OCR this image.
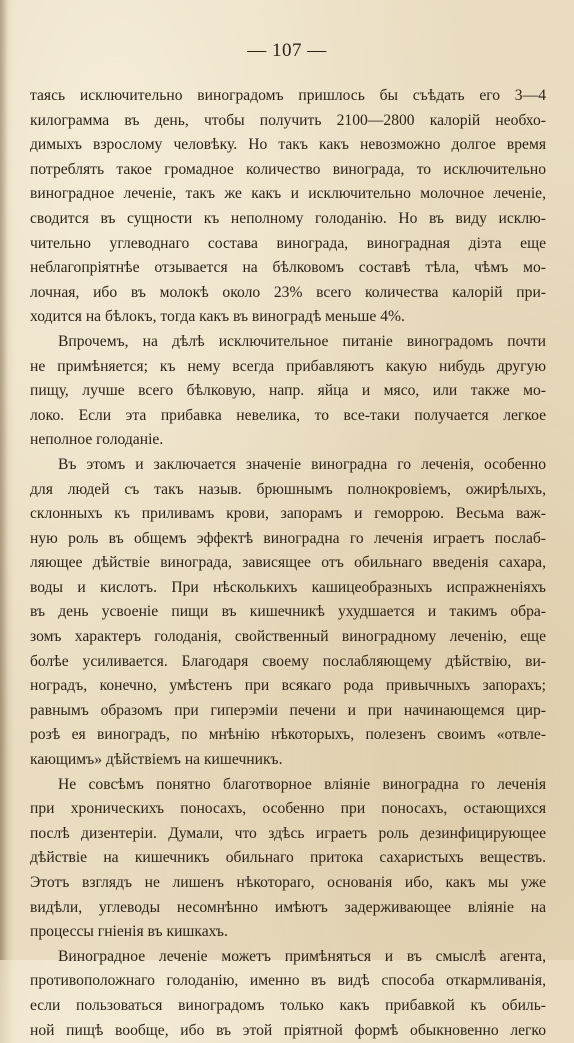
— 107 —

таясь исключительно виноградомъ пришлось бы съѣдать его 3—4
килограмма въ день, чтобы получить 2100—2800 калорій необхо-
димыхъ взрослому человѣку. Но такъ какъ невозможно долгое время
потреблять такое громадное количество винограда, то исключительно
виноградное леченіе, такъ же какъ и исключительно молочное леченіе,
сводится въ сущности къ неполному голоданію. Но въ виду исклю-
чительно углеводнаго состава винограда, виноградная діэта еще
неблагопріятнѣе отзывается на бѣлковомъ составѣ тѣла, чѣмъ мо-
лочная, ибо въ молокѣ около 23% всего количества калорій при-
ходится на бѣлокъ, тогда какъ въ виноградѣ меньше 4%.

Впрочемъ, на дѣлѣ исключительное питаніе виноградомъ почти
не примѣняется; къ нему всегда прибавляютъ какую нибудь другую
пищу, лучше всего бѣлковую, напр. яйца и мясо, или также мо-
локо. Если эта прибавка невелика, то все-таки получается легкое
неполное голоданіе.

Въ этомъ и заключается значеніе виноградна го леченія, особенно
для людей съ такъ назыв. брюшнымъ полнокровіемъ, ожирѣлыхъ,
склонныхъ къ приливамъ крови, запорамъ и геморрою. Весьма важ-
ную роль въ общемъ эффектѣ виноградна го леченія играетъ послаб-
ляющее дѣйствіе винограда, зависящее отъ обильнаго введенія сахара,
воды и кислотъ. При нѣсколькихъ кашицеобразныхъ испражненіяхъ
въ день усвоеніе пищи въ кишечникѣ ухудшается и такимъ обра-
зомъ характеръ голоданія, свойственный виноградному леченію, еще
болѣе усиливается. Благодаря своему послабляющему дѣйствію, ви-
ноградъ, конечно, умѣстенъ при всякаго рода привычныхъ запорахъ;
равнымъ образомъ при гиперэміи печени и при начинающемся цир-
розѣ ея виноградъ, по мнѣнію нѣкоторыхъ, полезенъ своимъ «отвле-
кающимъ» дѣйствіемъ на кишечникъ.

Не совсѣмъ понятно благотворное вліяніе виноградна го леченія
при хроническихъ поносахъ, особенно при поносахъ, остающихся
послѣ дизентеріи. Думали, что здѣсь играетъ роль дезинфицирующее
дѣйствіе на кишечникъ обильнаго притока сахаристыхъ веществъ.
Этотъ взглядъ не лишенъ нѣкотораго, основанія ибо, какъ мы уже
видѣли, углеводы несомнѣнно имѣютъ задерживающее вліяніе на
процессы гніенія въ кишкахъ.

Виноградное леченіе можетъ примѣняться и въ смыслѣ агента,
противоположнаго голоданію, именно въ видѣ способа откармливанія,
если пользоваться виноградомъ только какъ прибавкой къ обиль-
ной пищѣ вообще, ибо въ этой пріятной формѣ обыкновенно легко
